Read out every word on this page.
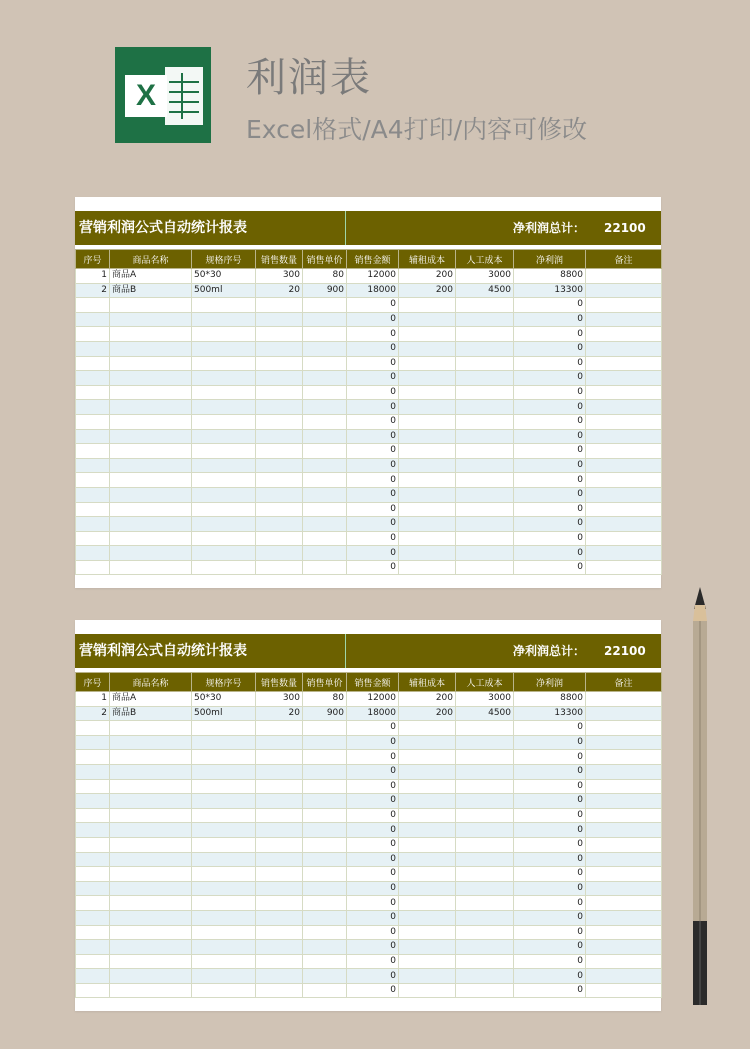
X 利润表
Excel格式/A4打印/内容可修改
营销利润公式自动统计报表	净利润总计： 22100
序号	商品名称	规格序号	销售数量	销售单价	销售金额	辅租成本	人工成本	净利润	备注
1	商品A	50*30	300	80	12000	200	3000	8800	
2	商品B	500ml	20	900	18000	200	4500	13300	
					0			0	
					0			0	
					0			0	
					0			0	
					0			0	
					0			0	
					0			0	
					0			0	
					0			0	
					0			0	
					0			0	
					0			0	
					0			0	
					0			0	
					0			0	
					0			0	
					0			0	
					0			0	
					0			0	
营销利润公式自动统计报表	净利润总计： 22100
序号	商品名称	规格序号	销售数量	销售单价	销售金额	辅租成本	人工成本	净利润	备注
1	商品A	50*30	300	80	12000	200	3000	8800	
2	商品B	500ml	20	900	18000	200	4500	13300	
					0			0	
					0			0	
					0			0	
					0			0	
					0			0	
					0			0	
					0			0	
					0			0	
					0			0	
					0			0	
					0			0	
					0			0	
					0			0	
					0			0	
					0			0	
					0			0	
					0			0	
					0			0	
					0			0	
